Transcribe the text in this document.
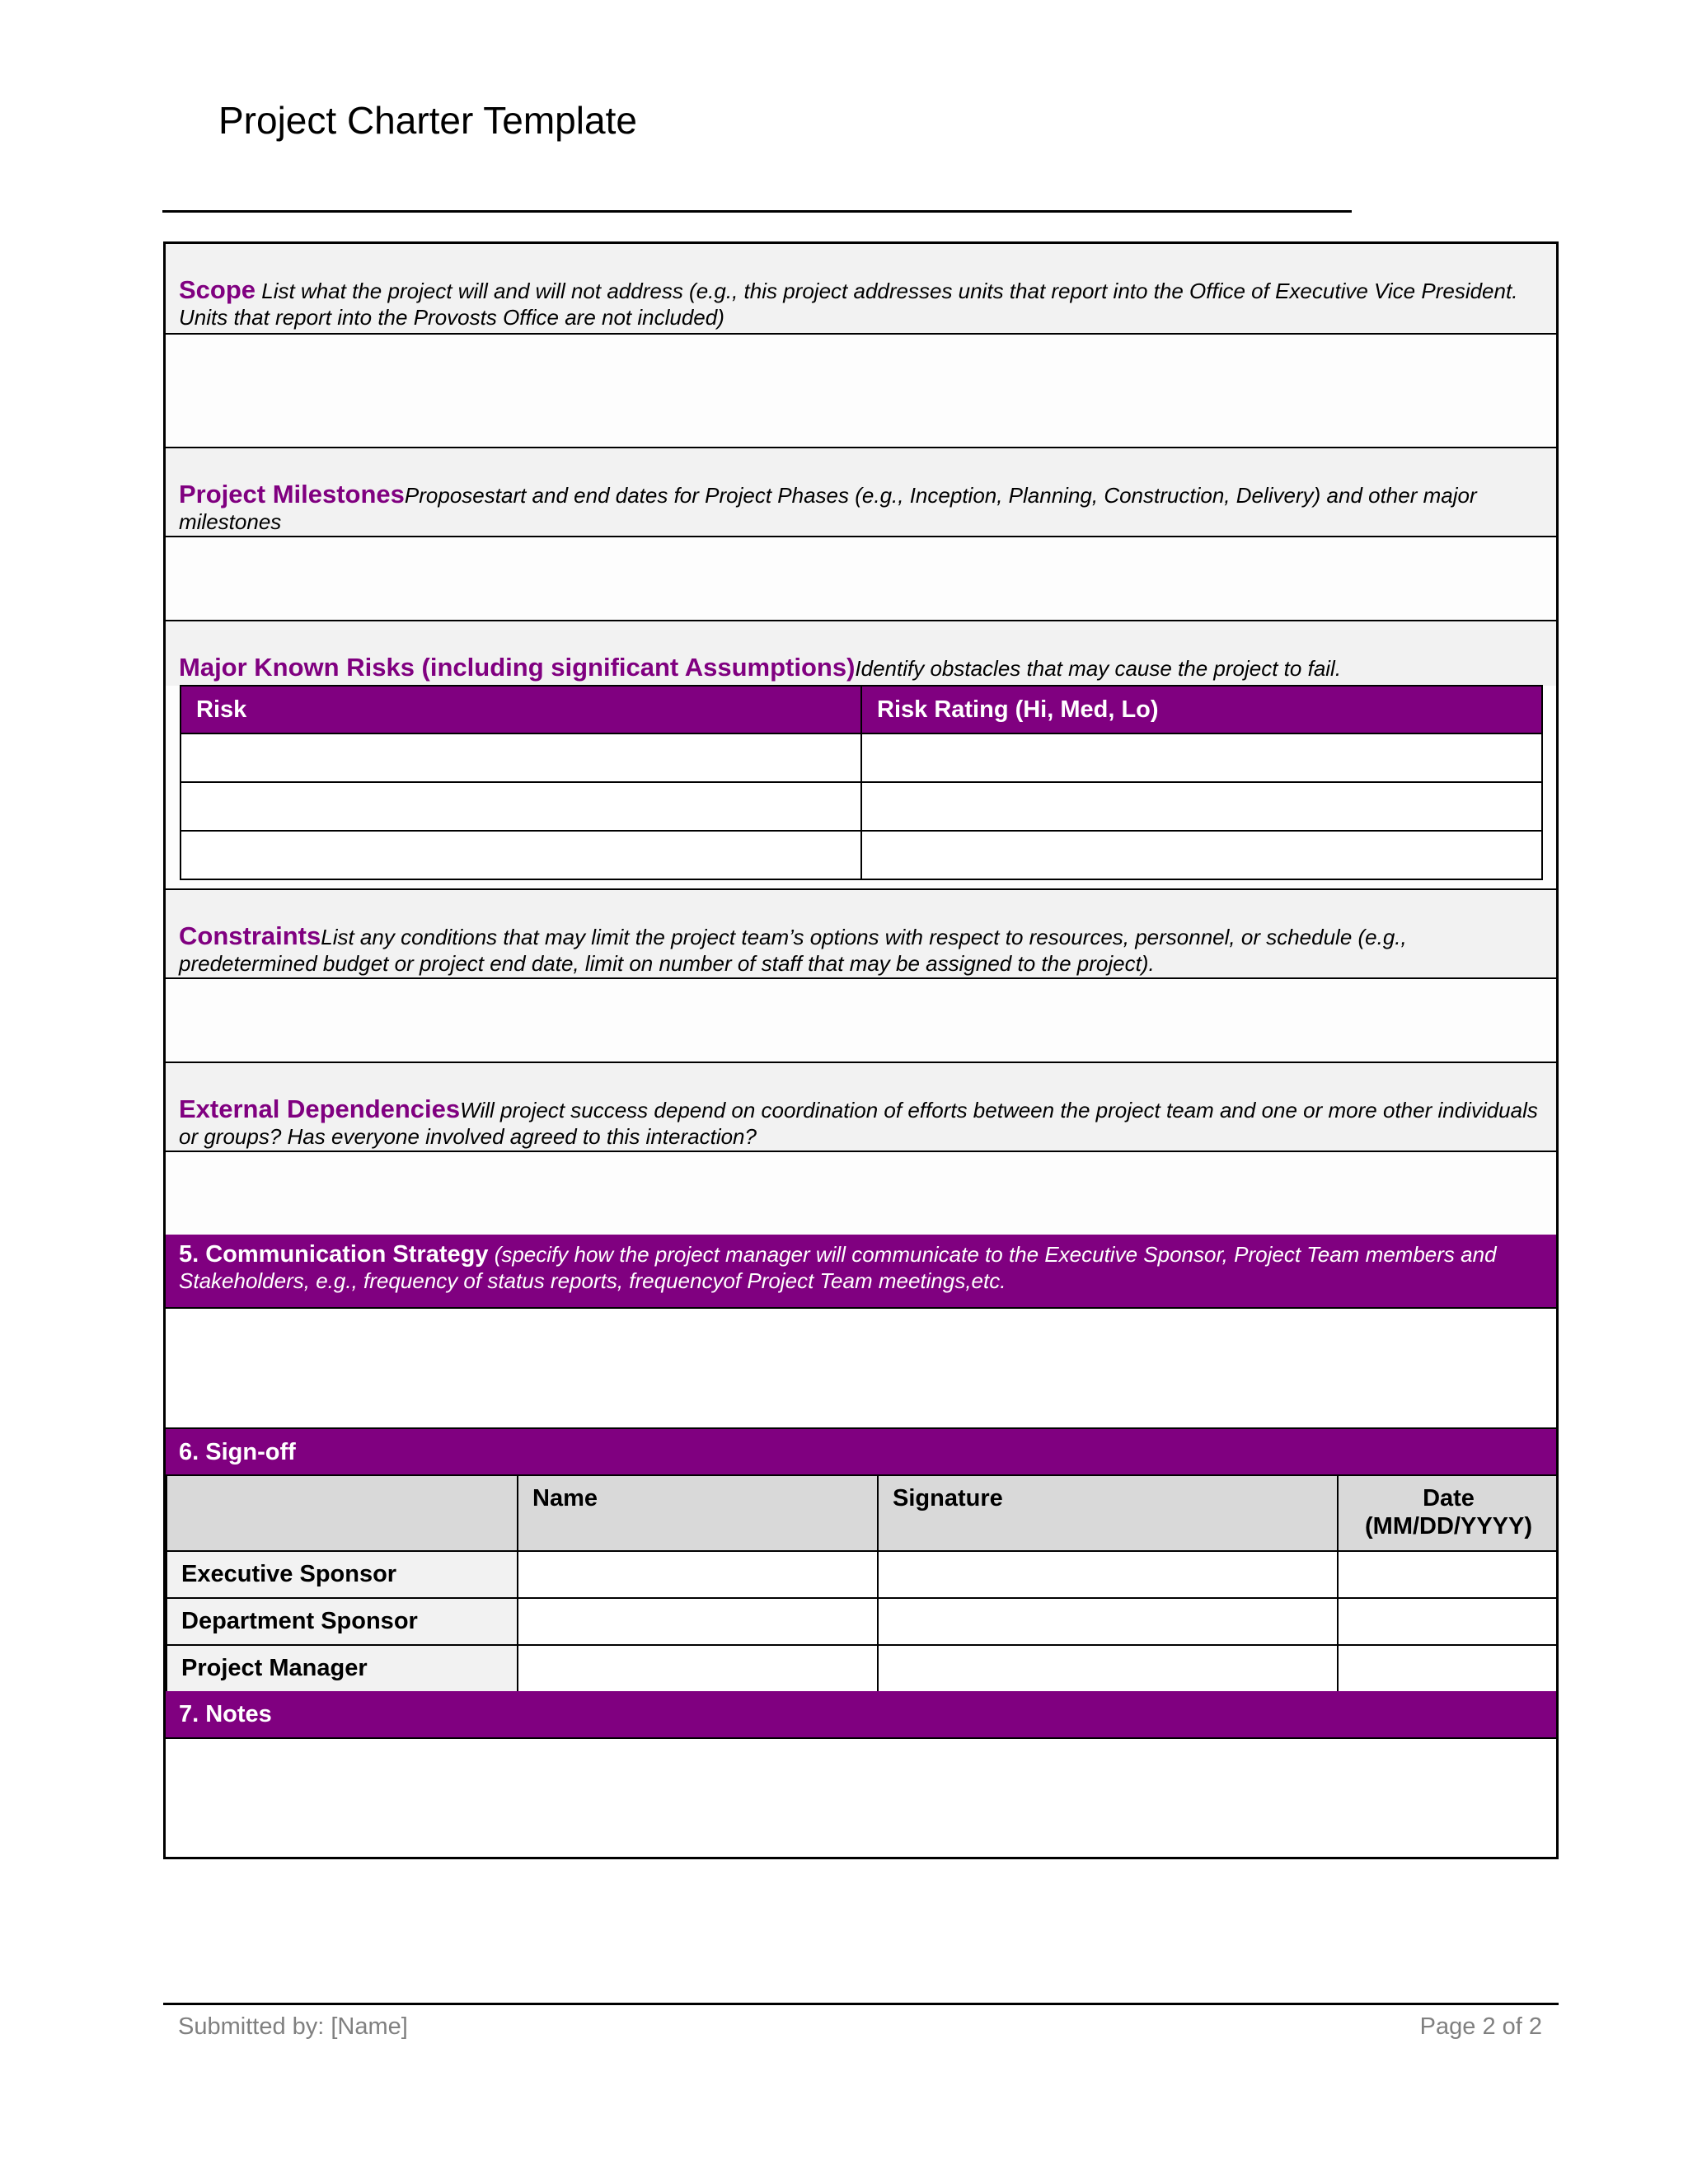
Project Charter Template
Scope List what the project will and will not address (e.g., this project addresses units that report into the Office of Executive Vice President. Units that report into the Provosts Office are not included)
Project MilestonesProposestart and end dates for Project Phases (e.g., Inception, Planning, Construction, Delivery) and other major milestones
Major Known Risks (including significant Assumptions)Identify obstacles that may cause the project to fail.
Risk	Risk Rating (Hi, Med, Lo)

ConstraintsList any conditions that may limit the project team’s options with respect to resources, personnel, or schedule (e.g., predetermined budget or project end date, limit on number of staff that may be assigned to the project).
External DependenciesWill project success depend on coordination of efforts between the project team and one or more other individuals or groups? Has everyone involved agreed to this interaction?
5. Communication Strategy (specify how the project manager will communicate to the Executive Sponsor, Project Team members and Stakeholders, e.g., frequency of status reports, frequencyof Project Team meetings,etc.
6. Sign-off
	Name	Signature	Date (MM/DD/YYYY)
Executive Sponsor			
Department Sponsor			
Project Manager			
7. Notes
Submitted by: [Name]	Page 2 of 2
